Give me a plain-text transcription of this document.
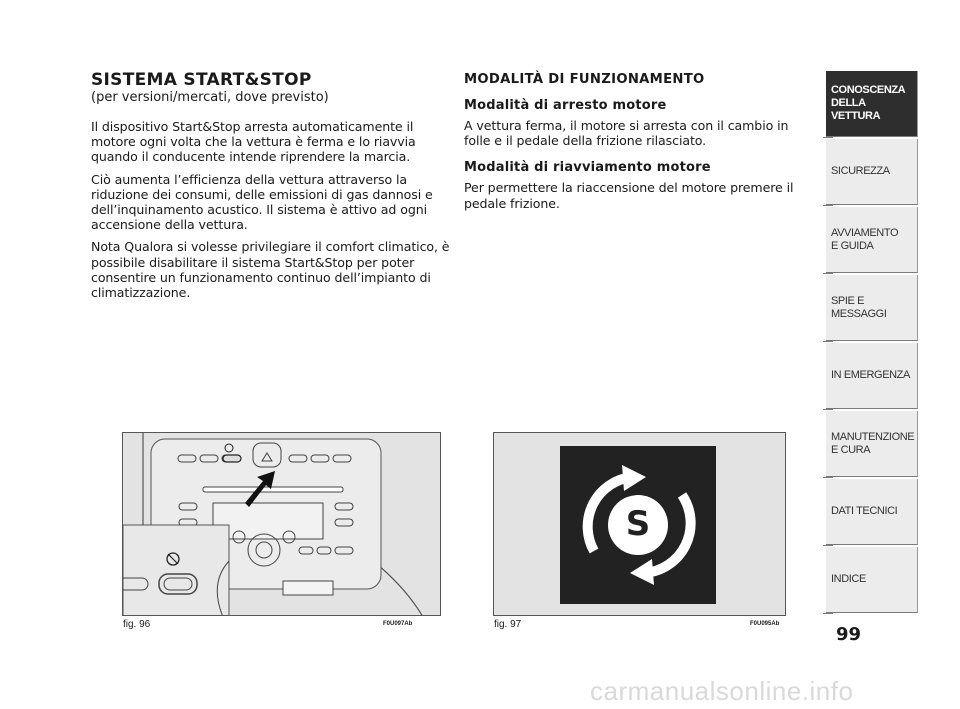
SISTEMA START&STOP
(per versioni/mercati, dove previsto)

Il dispositivo Start&Stop arresta automaticamente il motore ogni volta che la vettura è ferma e lo riavvia quando il conducente intende riprendere la marcia.

Ciò aumenta l’efficienza della vettura attraverso la riduzione dei consumi, delle emissioni di gas dannosi e dell’inquinamento acustico. Il sistema è attivo ad ogni accensione della vettura.

Nota Qualora si volesse privilegiare il comfort climatico, è possibile disabilitare il sistema Start&Stop per poter consentire un funzionamento continuo dell’impianto di climatizzazione.

MODALITÀ DI FUNZIONAMENTO
Modalità di arresto motore

A vettura ferma, il motore si arresta con il cambio in folle e il pedale della frizione rilasciato.

Modalità di riavviamento motore

Per permettere la riaccensione del motore premere il pedale frizione.

fig. 96	F0U097Ab
S
fig. 97	F0U095Ab
CONOSCENZA
DELLA
VETTURA
SICUREZZA
AVVIAMENTO
E GUIDA
SPIE E
MESSAGGI
IN EMERGENZA
MANUTENZIONE
E CURA
DATI TECNICI
INDICE
99
carmanualsonline.info
